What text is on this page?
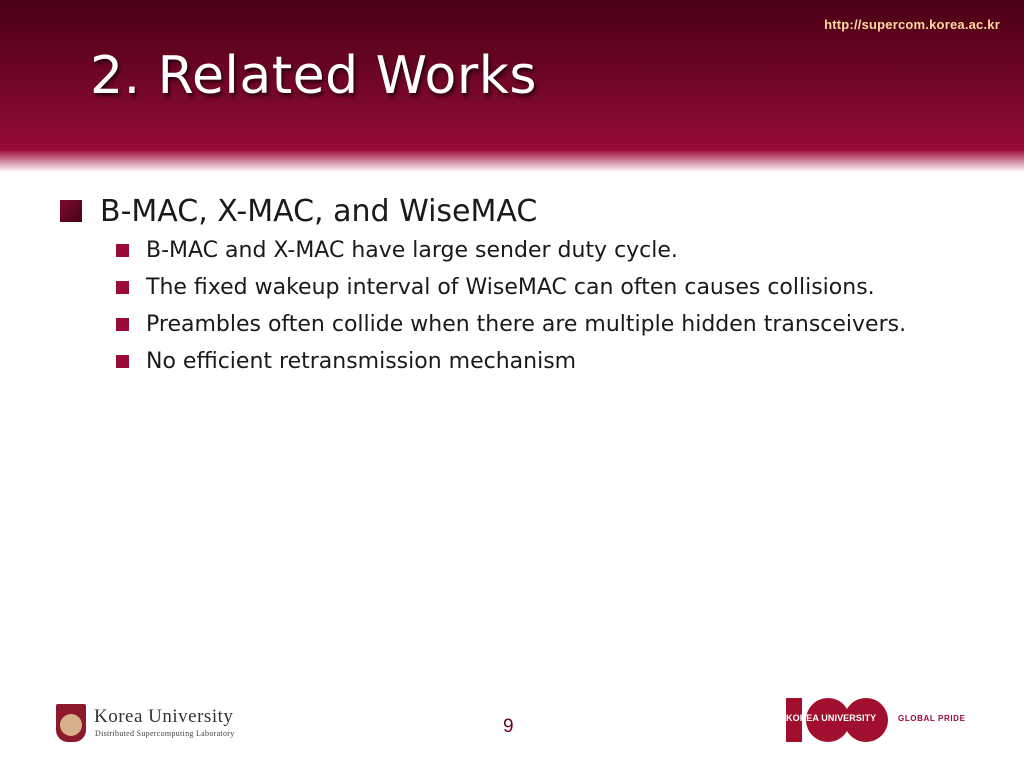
http://supercom.korea.ac.kr
2. Related Works
B-MAC, X-MAC, and WiseMAC
B-MAC and X-MAC have large sender duty cycle.
The fixed wakeup interval of WiseMAC can often causes collisions.
Preambles often collide when there are multiple hidden transceivers.
No efficient retransmission mechanism
Korea University
Distributed Supercomputing Laboratory	9	KOREA UNIVERSITY	GLOBAL PRIDE
